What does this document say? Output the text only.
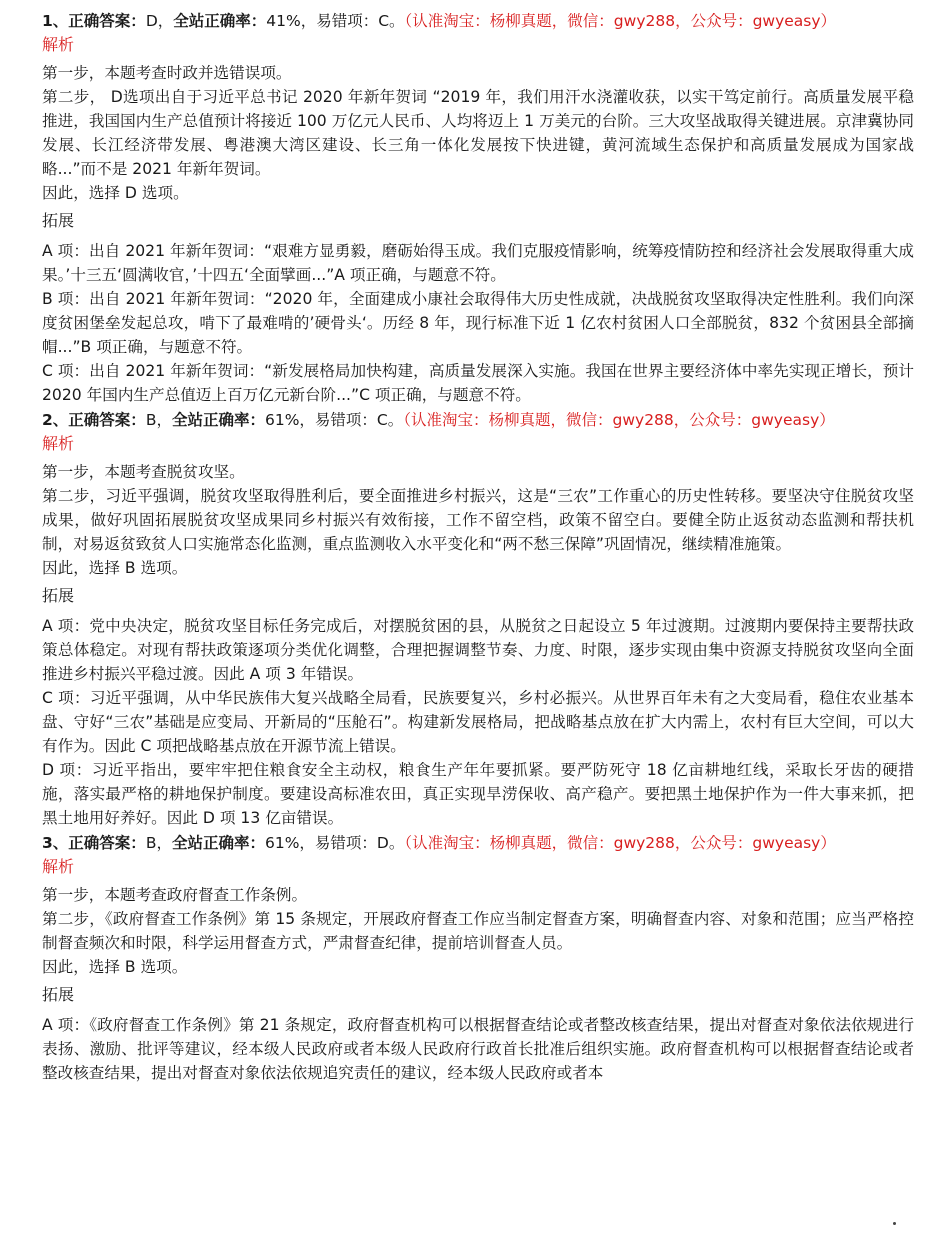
1、正确答案：D，全站正确率：41%，易错项：C。（认准淘宝：杨柳真题，微信：gwy288，公众号：gwyeasy）
解析

第一步，本题考查时政并选错误项。

第二步， D选项出自于习近平总书记 2020 年新年贺词 “2019 年，我们用汗水浇灌收获，以实干笃定前行。高质量发展平稳推进，我国国内生产总值预计将接近 100 万亿元人民币、人均将迈上 1 万美元的台阶。三大攻坚战取得关键进展。京津冀协同发展、长江经济带发展、粤港澳大湾区建设、长三角一体化发展按下快进键，黄河流域生态保护和高质量发展成为国家战略...”而不是 2021 年新年贺词。

因此，选择 D 选项。

拓展

A 项：出自 2021 年新年贺词：“艰难方显勇毅，磨砺始得玉成。我们克服疫情影响，统筹疫情防控和经济社会发展取得重大成果。’十三五‘圆满收官，’十四五‘全面擘画...”A 项正确，与题意不符。

B 项：出自 2021 年新年贺词：“2020 年，全面建成小康社会取得伟大历史性成就，决战脱贫攻坚取得决定性胜利。我们向深度贫困堡垒发起总攻，啃下了最难啃的’硬骨头‘。历经 8 年，现行标准下近 1 亿农村贫困人口全部脱贫，832 个贫困县全部摘帽...”B 项正确，与题意不符。

C 项：出自 2021 年新年贺词：“新发展格局加快构建，高质量发展深入实施。我国在世界主要经济体中率先实现正增长，预计 2020 年国内生产总值迈上百万亿元新台阶...”C 项正确，与题意不符。

2、正确答案：B，全站正确率：61%，易错项：C。（认准淘宝：杨柳真题，微信：gwy288，公众号：gwyeasy）
解析

第一步，本题考查脱贫攻坚。

第二步，习近平强调，脱贫攻坚取得胜利后，要全面推进乡村振兴，这是“三农”工作重心的历史性转移。要坚决守住脱贫攻坚成果，做好巩固拓展脱贫攻坚成果同乡村振兴有效衔接，工作不留空档，政策不留空白。要健全防止返贫动态监测和帮扶机制，对易返贫致贫人口实施常态化监测，重点监测收入水平变化和“两不愁三保障”巩固情况，继续精准施策。

因此，选择 B 选项。

拓展

A 项：党中央决定，脱贫攻坚目标任务完成后，对摆脱贫困的县，从脱贫之日起设立 5 年过渡期。过渡期内要保持主要帮扶政策总体稳定。对现有帮扶政策逐项分类优化调整，合理把握调整节奏、力度、时限，逐步实现由集中资源支持脱贫攻坚向全面推进乡村振兴平稳过渡。因此 A 项 3 年错误。

C 项：习近平强调，从中华民族伟大复兴战略全局看，民族要复兴，乡村必振兴。从世界百年未有之大变局看，稳住农业基本盘、守好“三农”基础是应变局、开新局的“压舱石”。构建新发展格局，把战略基点放在扩大内需上，农村有巨大空间，可以大有作为。因此 C 项把战略基点放在开源节流上错误。

D 项：习近平指出，要牢牢把住粮食安全主动权，粮食生产年年要抓紧。要严防死守 18 亿亩耕地红线，采取长牙齿的硬措施，落实最严格的耕地保护制度。要建设高标准农田，真正实现旱涝保收、高产稳产。要把黑土地保护作为一件大事来抓，把黑土地用好养好。因此 D 项 13 亿亩错误。

3、正确答案：B，全站正确率：61%，易错项：D。（认准淘宝：杨柳真题，微信：gwy288，公众号：gwyeasy）
解析

第一步，本题考查政府督查工作条例。

第二步，《政府督查工作条例》第 15 条规定，开展政府督查工作应当制定督查方案，明确督查内容、对象和范围；应当严格控制督查频次和时限，科学运用督查方式，严肃督查纪律，提前培训督查人员。

因此，选择 B 选项。

拓展

A 项：《政府督查工作条例》第 21 条规定，政府督查机构可以根据督查结论或者整改核查结果，提出对督查对象依法依规进行表扬、激励、批评等建议，经本级人民政府或者本级人民政府行政首长批准后组织实施。政府督查机构可以根据督查结论或者整改核查结果，提出对督查对象依法依规追究责任的建议，经本级人民政府或者本
